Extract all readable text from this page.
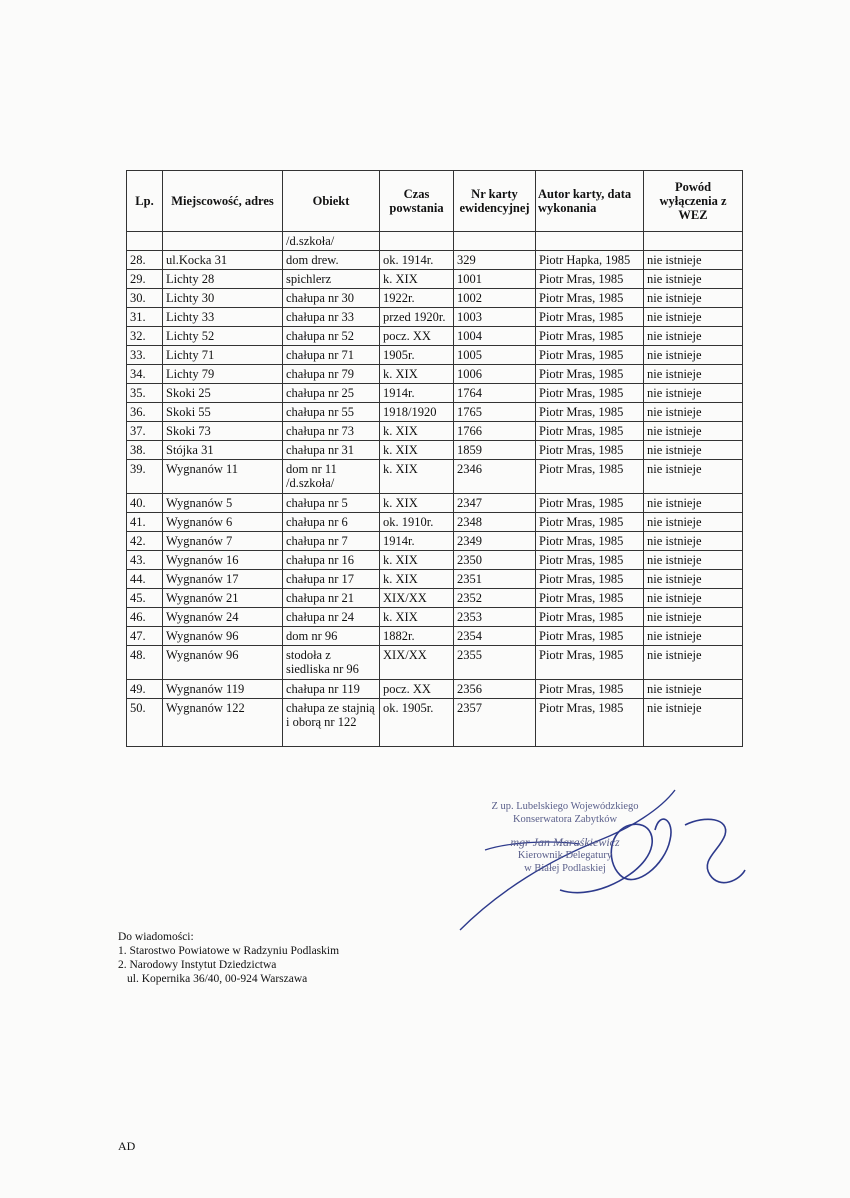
Lp.	Miejscowość, adres	Obiekt	Czas powstania	Nr karty ewidencyjnej	Autor karty, data wykonania	Powód wyłączenia z WEZ
		/d.szkoła/				
28.	ul.Kocka 31	dom drew.	ok. 1914r.	329	Piotr Hapka, 1985	nie istnieje
29.	Lichty 28	spichlerz	k. XIX	1001	Piotr Mras, 1985	nie istnieje
30.	Lichty 30	chałupa nr 30	1922r.	1002	Piotr Mras, 1985	nie istnieje
31.	Lichty 33	chałupa nr 33	przed 1920r.	1003	Piotr Mras, 1985	nie istnieje
32.	Lichty 52	chałupa nr 52	pocz. XX	1004	Piotr Mras, 1985	nie istnieje
33.	Lichty 71	chałupa nr 71	1905r.	1005	Piotr Mras, 1985	nie istnieje
34.	Lichty 79	chałupa nr 79	k. XIX	1006	Piotr Mras, 1985	nie istnieje
35.	Skoki 25	chałupa nr 25	1914r.	1764	Piotr Mras, 1985	nie istnieje
36.	Skoki 55	chałupa nr 55	1918/1920	1765	Piotr Mras, 1985	nie istnieje
37.	Skoki 73	chałupa nr 73	k. XIX	1766	Piotr Mras, 1985	nie istnieje
38.	Stójka 31	chałupa nr 31	k. XIX	1859	Piotr Mras, 1985	nie istnieje
39.	Wygnanów 11	dom nr 11 /d.szkoła/	k. XIX	2346	Piotr Mras, 1985	nie istnieje
40.	Wygnanów 5	chałupa nr 5	k. XIX	2347	Piotr Mras, 1985	nie istnieje
41.	Wygnanów 6	chałupa nr 6	ok. 1910r.	2348	Piotr Mras, 1985	nie istnieje
42.	Wygnanów 7	chałupa nr 7	1914r.	2349	Piotr Mras, 1985	nie istnieje
43.	Wygnanów 16	chałupa nr 16	k. XIX	2350	Piotr Mras, 1985	nie istnieje
44.	Wygnanów 17	chałupa nr 17	k. XIX	2351	Piotr Mras, 1985	nie istnieje
45.	Wygnanów 21	chałupa nr 21	XIX/XX	2352	Piotr Mras, 1985	nie istnieje
46.	Wygnanów 24	chałupa nr 24	k. XIX	2353	Piotr Mras, 1985	nie istnieje
47.	Wygnanów 96	dom nr 96	1882r.	2354	Piotr Mras, 1985	nie istnieje
48.	Wygnanów 96	stodoła z siedliska nr 96	XIX/XX	2355	Piotr Mras, 1985	nie istnieje
49.	Wygnanów 119	chałupa nr 119	pocz. XX	2356	Piotr Mras, 1985	nie istnieje
50.	Wygnanów 122	chałupa ze stajnią i oborą nr 122	ok. 1905r.	2357	Piotr Mras, 1985	nie istnieje
Z up. Lubelskiego Wojewódzkiego
Konserwatora Zabytków
mgr Jan Maraśkiewicz
Kierownik Delegatury
w Białej Podlaskiej
Do wiadomości:
1. Starostwo Powiatowe w Radzyniu Podlaskim
2. Narodowy Instytut Dziedzictwa
ul. Kopernika 36/40, 00-924 Warszawa
AD
